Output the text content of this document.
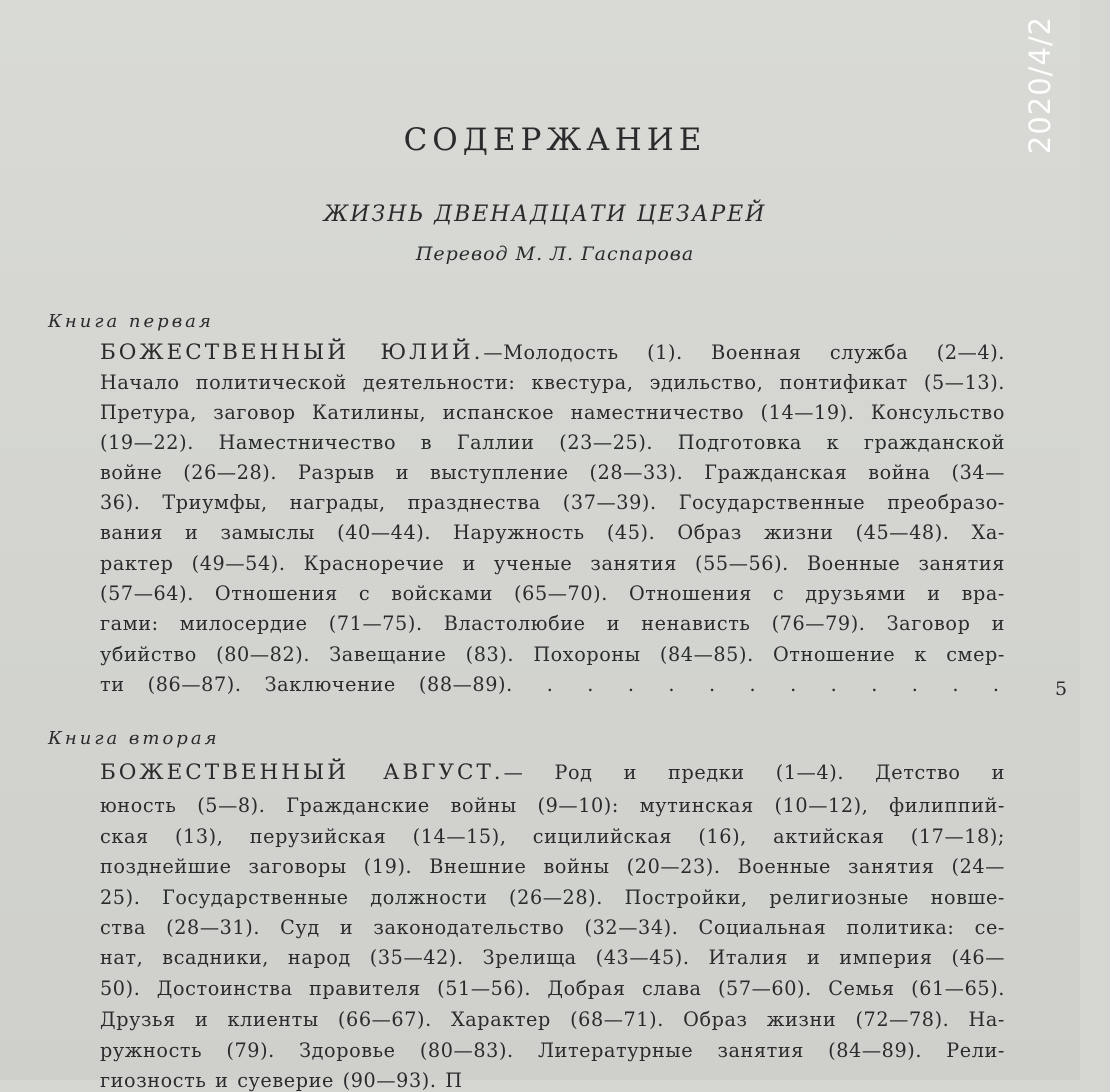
2020/4/2
СОДЕРЖАНИЕ
ЖИЗНЬ ДВЕНАДЦАТИ ЦЕЗАРЕЙ
Перевод М. Л. Гаспарова
Книга первая
БОЖЕСТВЕННЫЙ ЮЛИЙ.—Молодость (1). Военная служба (2—4).
Начало политической деятельности: квестура, эдильство, понтификат (5—13).
Претура, заговор Катилины, испанское наместничество (14—19). Консульство
(19—22). Наместничество в Галлии (23—25). Подготовка к гражданской
войне (26—28). Разрыв и выступление (28—33). Гражданская война (34—
36). Триумфы, награды, празднества (37—39). Государственные преобразо-
вания и замыслы (40—44). Наружность (45). Образ жизни (45—48). Ха-
рактер (49—54). Красноречие и ученые занятия (55—56). Военные занятия
(57—64). Отношения с войсками (65—70). Отношения с друзьями и вра-
гами: милосердие (71—75). Властолюбие и ненависть (76—79). Заговор и
убийство (80—82). Завещание (83). Похороны (84—85). Отношение к смер-
ти (86—87). Заключение (88—89). . . . . . . . . . . . .	5
Книга вторая
БОЖЕСТВЕННЫЙ АВГУСТ.— Род и предки (1—4). Детство и
юность (5—8). Гражданские войны (9—10): мутинская (10—12), филиппий-
ская (13), перузийская (14—15), сицилийская (16), актийская (17—18);
позднейшие заговоры (19). Внешние войны (20—23). Военные занятия (24—
25). Государственные должности (26—28). Постройки, религиозные новше-
ства (28—31). Суд и законодательство (32—34). Социальная политика: се-
нат, всадники, народ (35—42). Зрелища (43—45). Италия и империя (46—
50). Достоинства правителя (51—56). Добрая слава (57—60). Семья (61—65).
Друзья и клиенты (66—67). Характер (68—71). Образ жизни (72—78). На-
ружность (79). Здоровье (80—83). Литературные занятия (84—89). Рели-
гиозность и суеверие (90—93). П
